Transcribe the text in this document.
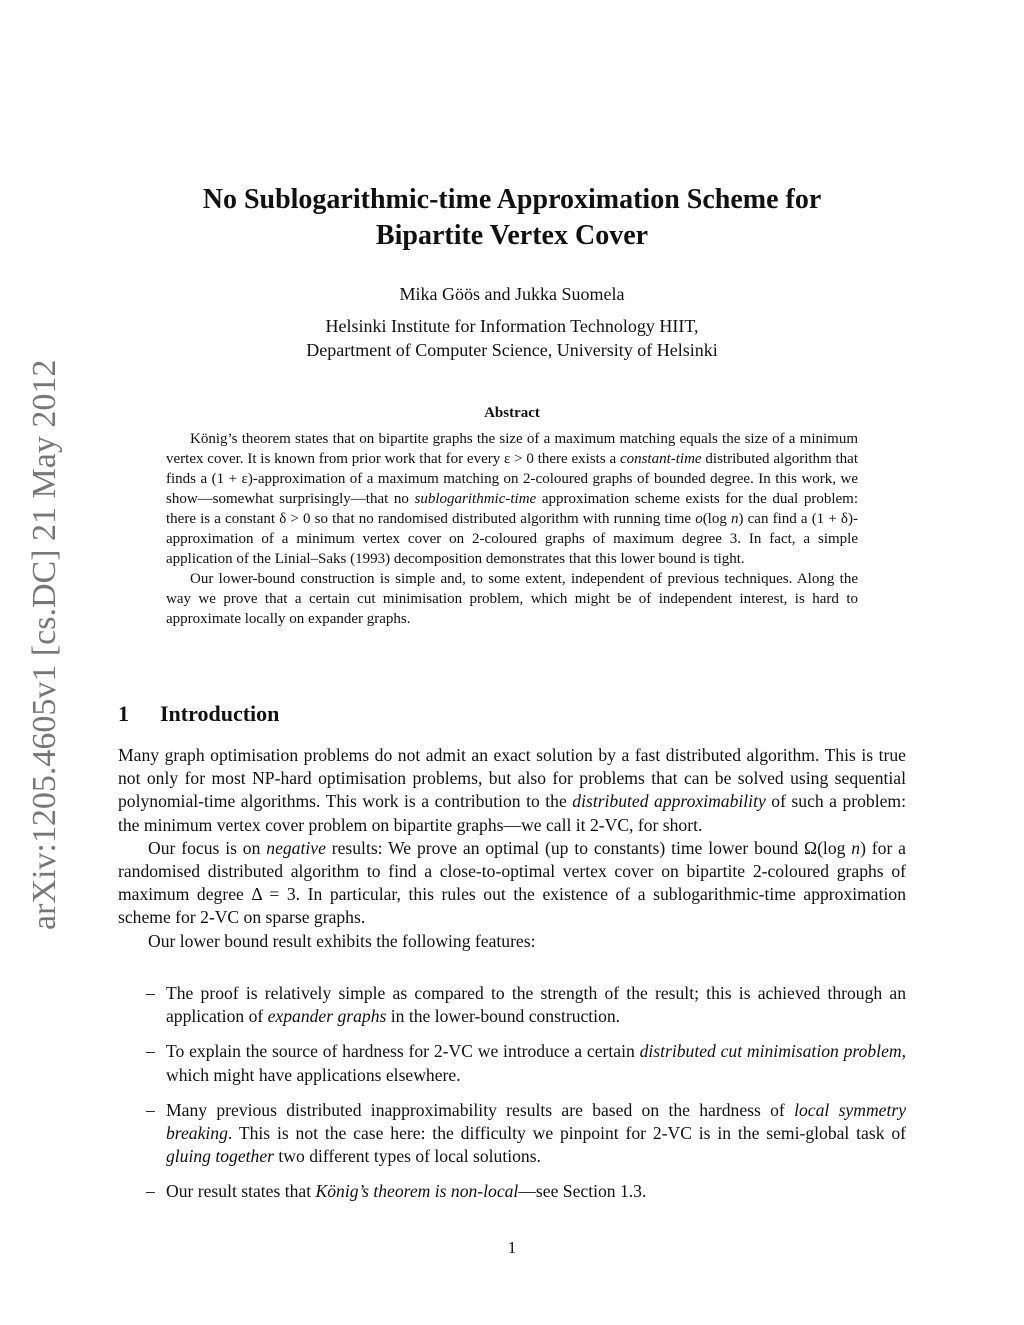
arXiv:1205.4605v1 [cs.DC] 21 May 2012
No Sublogarithmic-time Approximation Scheme for
Bipartite Vertex Cover

Mika Göös and Jukka Suomela

Helsinki Institute for Information Technology HIIT,
Department of Computer Science, University of Helsinki

Abstract

König’s theorem states that on bipartite graphs the size of a maximum matching equals the size of a minimum vertex cover. It is known from prior work that for every ε > 0 there exists a constant-time distributed algorithm that finds a (1 + ε)-approximation of a maximum matching on 2-coloured graphs of bounded degree. In this work, we show—somewhat surprisingly—that no sublogarithmic-time approximation scheme exists for the dual problem: there is a constant δ > 0 so that no randomised distributed algorithm with running time o(log n) can find a (1 + δ)-approximation of a minimum vertex cover on 2-coloured graphs of maximum degree 3. In fact, a simple application of the Linial–Saks (1993) decomposition demonstrates that this lower bound is tight.

Our lower-bound construction is simple and, to some extent, independent of previous techniques. Along the way we prove that a certain cut minimisation problem, which might be of independent interest, is hard to approximate locally on expander graphs.

1 Introduction

Many graph optimisation problems do not admit an exact solution by a fast distributed algorithm. This is true not only for most NP-hard optimisation problems, but also for problems that can be solved using sequential polynomial-time algorithms. This work is a contribution to the distributed approximability of such a problem: the minimum vertex cover problem on bipartite graphs—we call it 2-VC, for short.

Our focus is on negative results: We prove an optimal (up to constants) time lower bound Ω(log n) for a randomised distributed algorithm to find a close-to-optimal vertex cover on bipartite 2-coloured graphs of maximum degree Δ = 3. In particular, this rules out the existence of a sublogarithmic-time approximation scheme for 2-VC on sparse graphs.

Our lower bound result exhibits the following features:

– The proof is relatively simple as compared to the strength of the result; this is achieved through an application of expander graphs in the lower-bound construction.
– To explain the source of hardness for 2-VC we introduce a certain distributed cut minimisation problem, which might have applications elsewhere.
– Many previous distributed inapproximability results are based on the hardness of local symmetry breaking. This is not the case here: the difficulty we pinpoint for 2-VC is in the semi-global task of gluing together two different types of local solutions.
– Our result states that König’s theorem is non-local—see Section 1.3.

1
